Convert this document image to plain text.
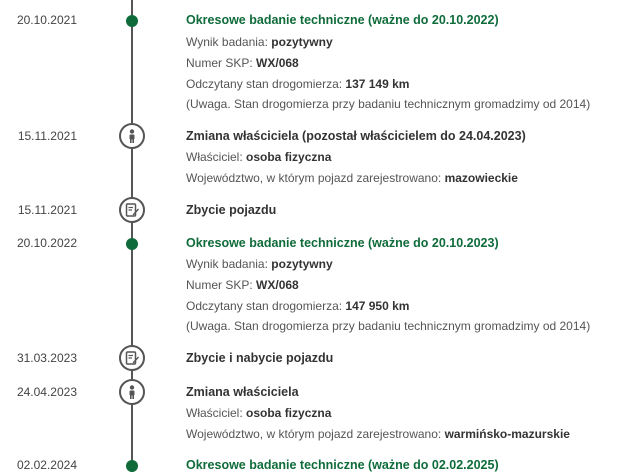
20.10.2021	Okresowe badanie techniczne (ważne do 20.10.2022)
Wynik badania: pozytywny
Numer SKP: WX/068
Odczytany stan drogomierza: 137 149 km
(Uwaga. Stan drogomierza przy badaniu technicznym gromadzimy od 2014)
15.11.2021	Zmiana właściciela (pozostał właścicielem do 24.04.2023)
Właściciel: osoba fizyczna
Województwo, w którym pojazd zarejestrowano: mazowieckie
15.11.2021	Zbycie pojazdu
20.10.2022	Okresowe badanie techniczne (ważne do 20.10.2023)
Wynik badania: pozytywny
Numer SKP: WX/068
Odczytany stan drogomierza: 147 950 km
(Uwaga. Stan drogomierza przy badaniu technicznym gromadzimy od 2014)
31.03.2023	Zbycie i nabycie pojazdu
24.04.2023	Zmiana właściciela
Właściciel: osoba fizyczna
Województwo, w którym pojazd zarejestrowano: warmińsko-mazurskie
02.02.2024	Okresowe badanie techniczne (ważne do 02.02.2025)
